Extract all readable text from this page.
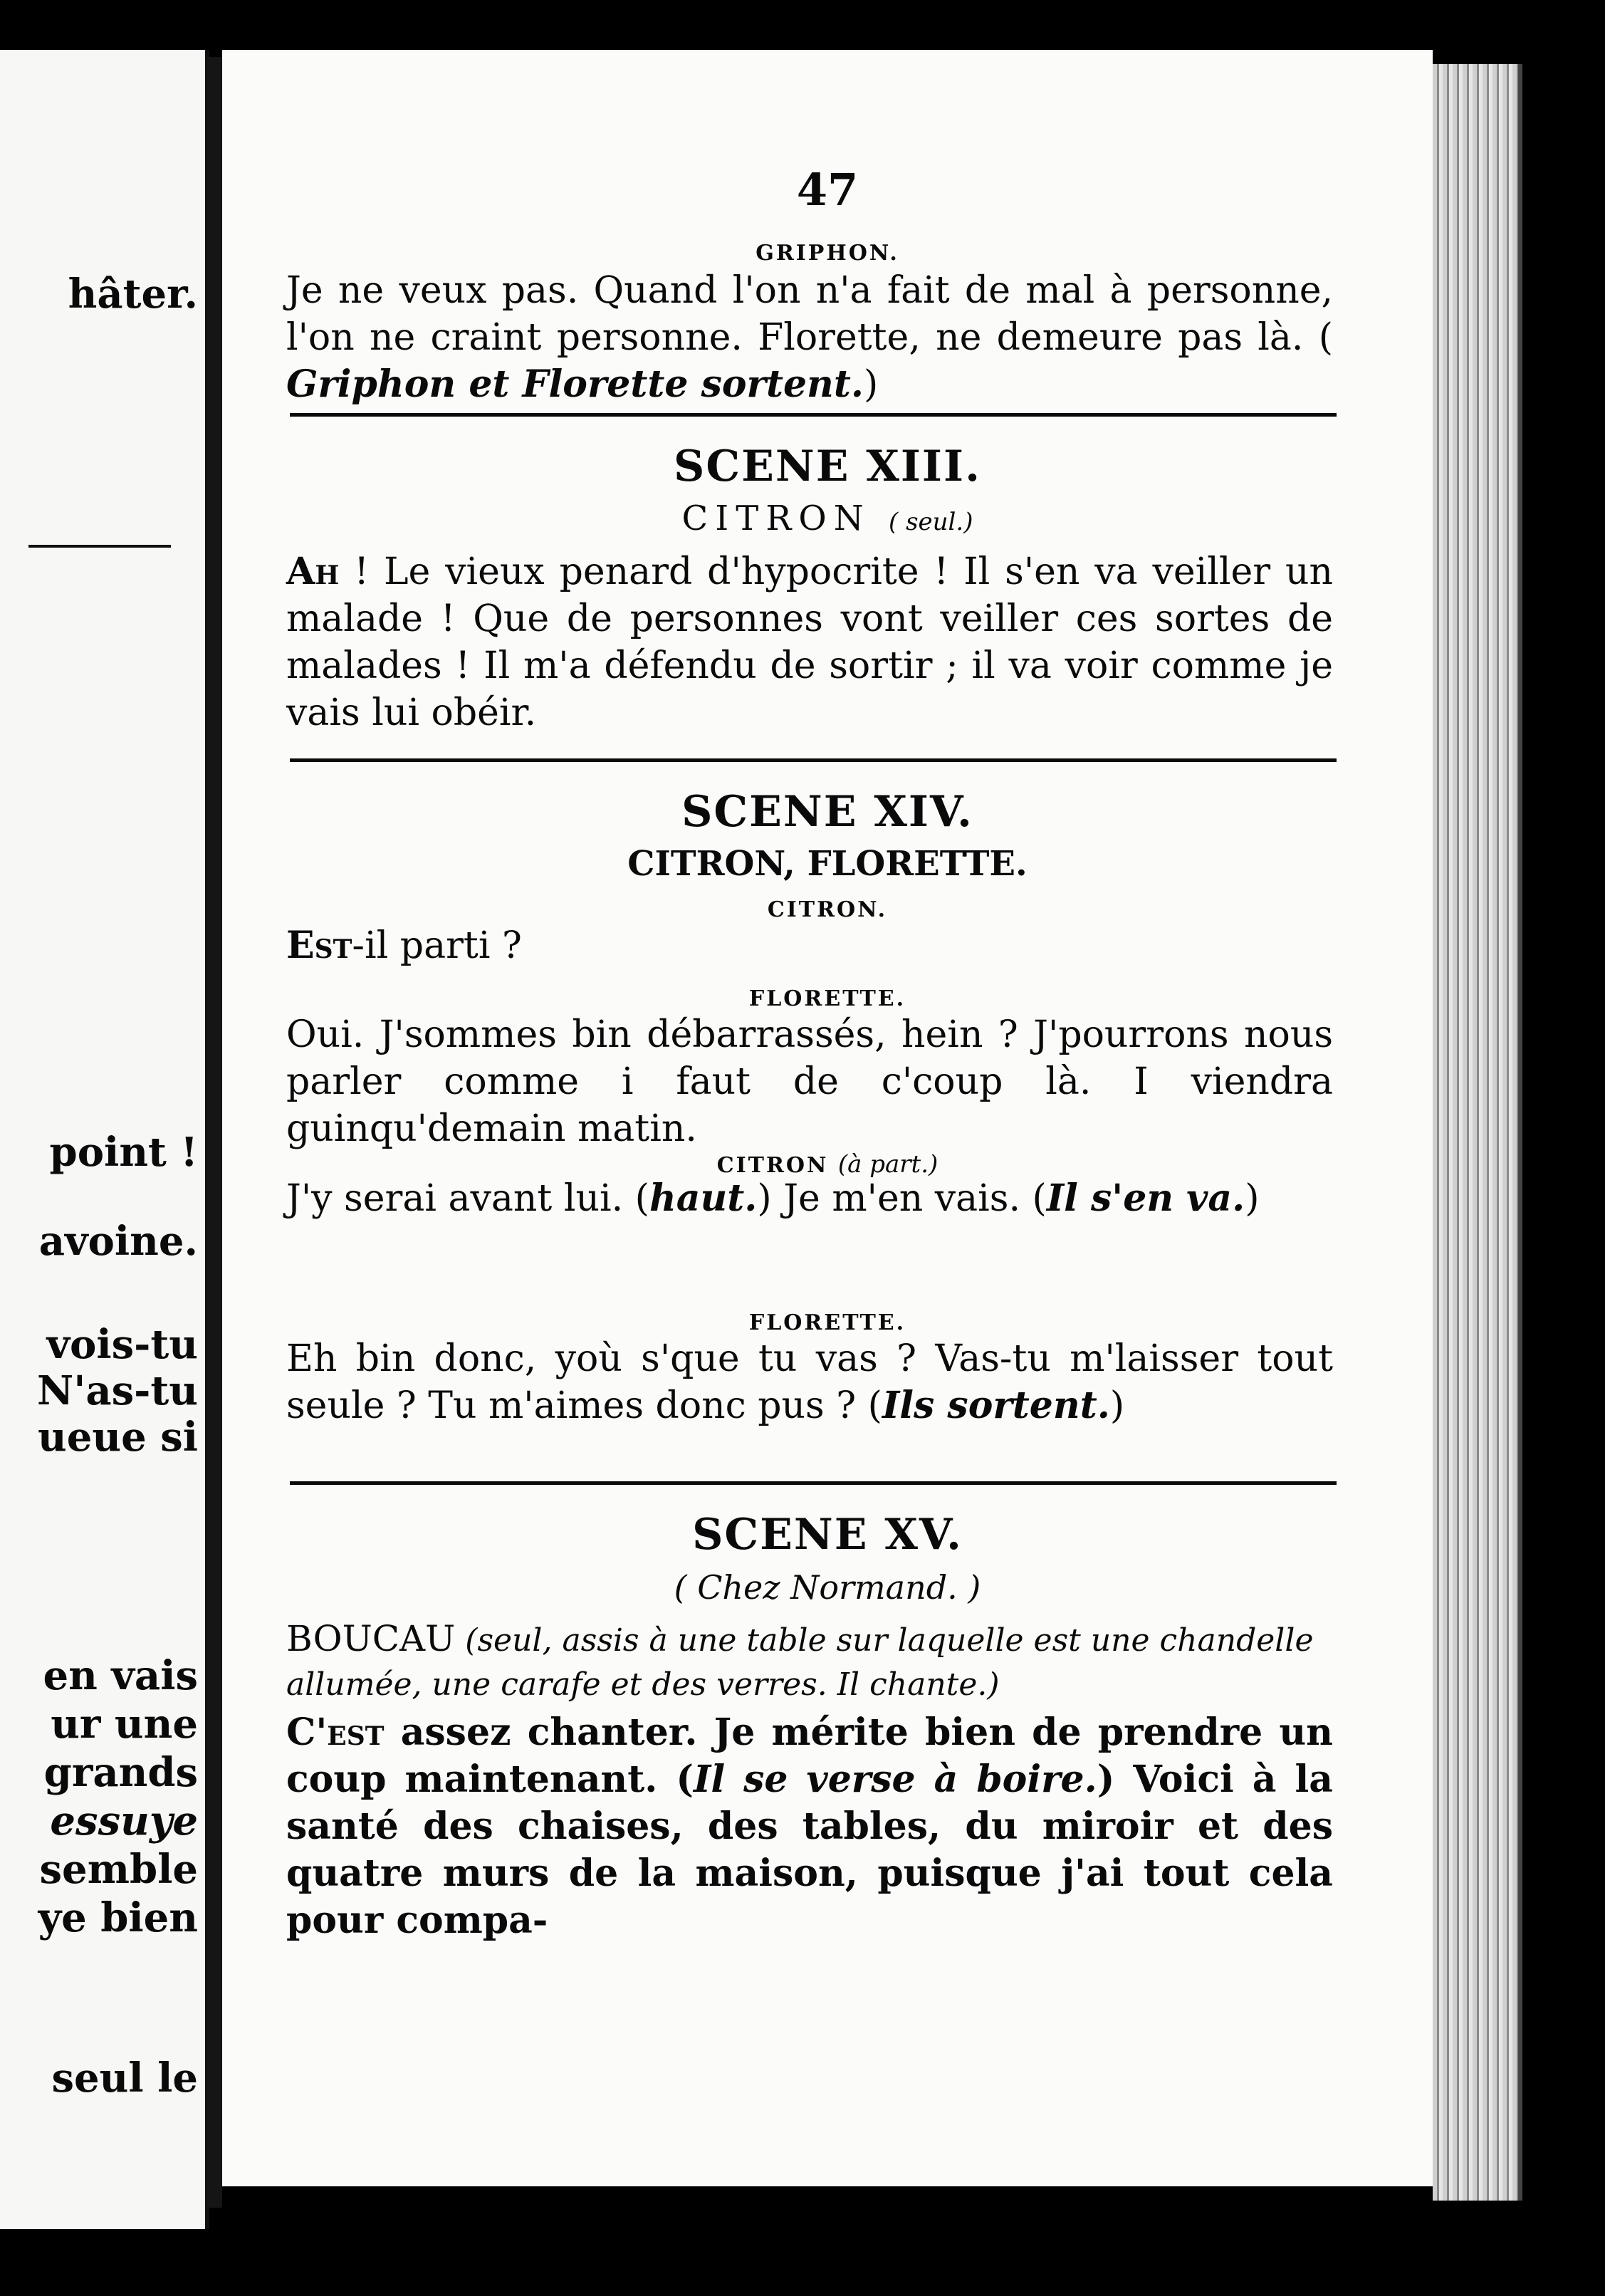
hâter.
point !
avoine.
vois-tu
N'as-tu
ueue si
en vais
ur une
grands
essuye
semble
ye bien
seul le
47
GRIPHON.
Je ne veux pas. Quand l'on n'a fait de mal à personne, l'on ne craint personne. Florette, ne demeure pas là. ( Griphon et Florette sortent.)
SCENE XIII.
CITRON ( seul.)
Ah ! Le vieux penard d'hypocrite ! Il s'en va veiller un malade ! Que de personnes vont veiller ces sortes de malades ! Il m'a défendu de sortir ; il va voir comme je vais lui obéir.
SCENE XIV.
CITRON, FLORETTE.
CITRON.
Est-il parti ?
FLORETTE.
Oui. J'sommes bin débarrassés, hein ? J'pourrons nous parler comme i faut de c'coup là. I viendra guinqu'demain matin.
CITRON (à part.)
J'y serai avant lui. (haut.) Je m'en vais. (Il s'en va.)
FLORETTE.
Eh bin donc, yoù s'que tu vas ? Vas-tu m'laisser tout seule ? Tu m'aimes donc pus ? (Ils sortent.)
SCENE XV.
( Chez Normand. )
BOUCAU (seul, assis à une table sur laquelle est une chandelle allumée, une carafe et des verres. Il chante.)
C'est assez chanter. Je mérite bien de prendre un coup maintenant. (Il se verse à boire.) Voici à la santé des chaises, des tables, du miroir et des quatre murs de la maison, puisque j'ai tout cela pour compa-
